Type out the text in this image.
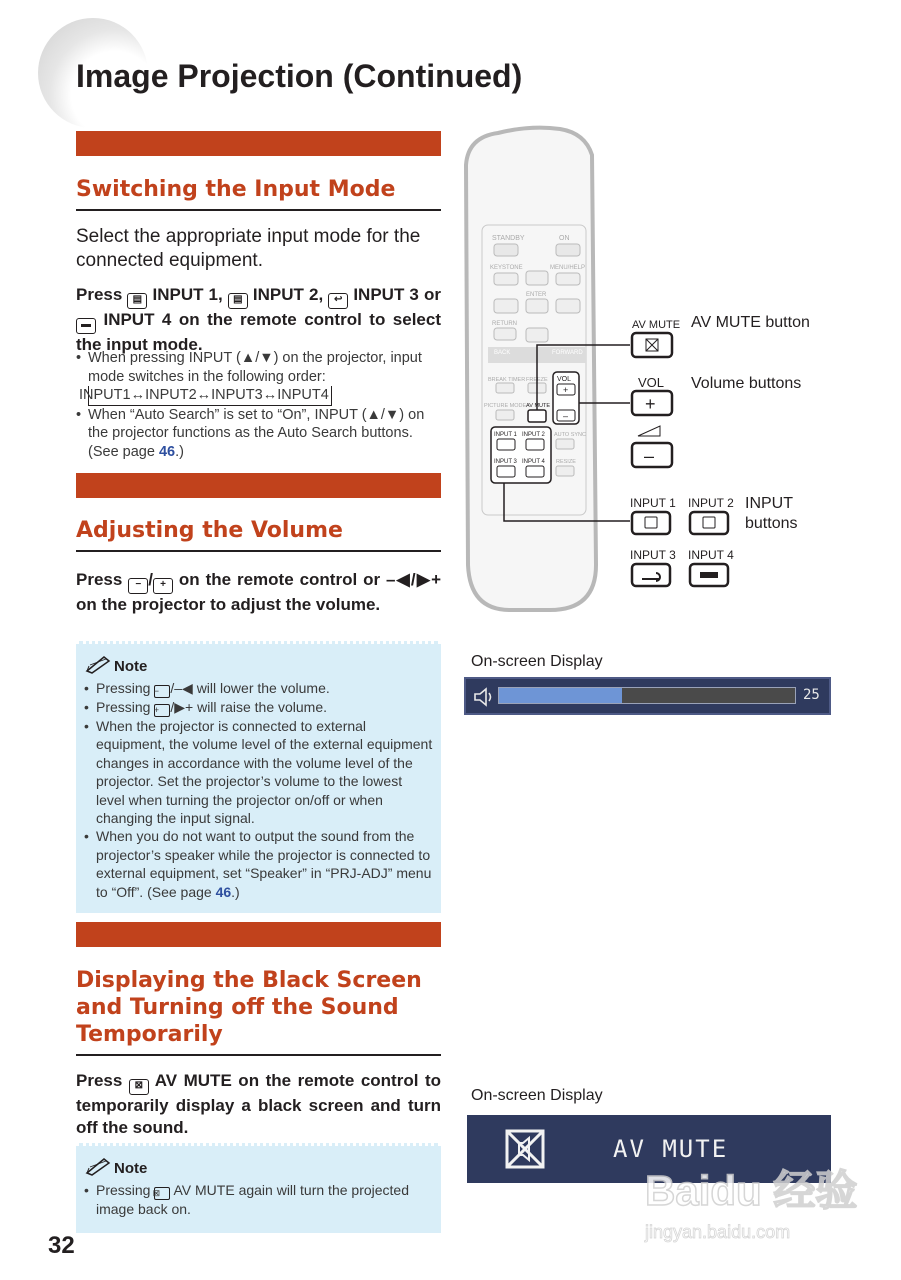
Image Projection (Continued)
Switching the Input Mode

Select the appropriate input mode for the connected equipment.

Press ▤ INPUT 1, ▤ INPUT 2, ↩ INPUT 3 or ▬ INPUT 4 on the remote control to select the input mode.

• When pressing INPUT (▲/▼) on the projector, input mode switches in the following order:
INPUT1↔INPUT2↔INPUT3↔INPUT4
• When “Auto Search” is set to “On”, INPUT (▲/▼) on the projector functions as the Auto Search buttons. (See page 46.)
Adjusting the Volume

Press − / + on the remote control or –◀/▶+ on the projector to adjust the volume.

Note
• Pressing − /–◀ will lower the volume.
• Pressing + /▶+ will raise the volume.
• When the projector is connected to external equipment, the volume level of the external equipment changes in accordance with the volume level of the projector. Set the projector’s volume to the lowest level when turning the projector on/off or when changing the input signal.
• When you do not want to output the sound from the projector’s speaker while the projector is connected to external equipment, set “Speaker” in “PRJ-ADJ” menu to “Off”. (See page 46.)
Displaying the Black Screen and Turning off the Sound Temporarily

Press ⊠ AV MUTE on the remote control to temporarily display a black screen and turn off the sound.

Note
• Pressing ⊠ AV MUTE again will turn the projected image back on.
STANDBY	ON
KEYSTONE	MENU/HELP
ENTER
RETURN
BACK	FORWARD
BREAK TIMER FREEZE VOL
+
–
PICTURE MODE AV MUTE
INPUT 1 INPUT 2
INPUT 3 INPUT 4
AUTO SYNC
RESIZE
AV MUTE
VOL
+
–
INPUT 1 INPUT 2
INPUT 3 INPUT 4
AV MUTE button
Volume buttons
INPUT
buttons
On-screen Display
25
On-screen Display
AV MUTE
Baidu 经验
jingyan.baidu.com
32
